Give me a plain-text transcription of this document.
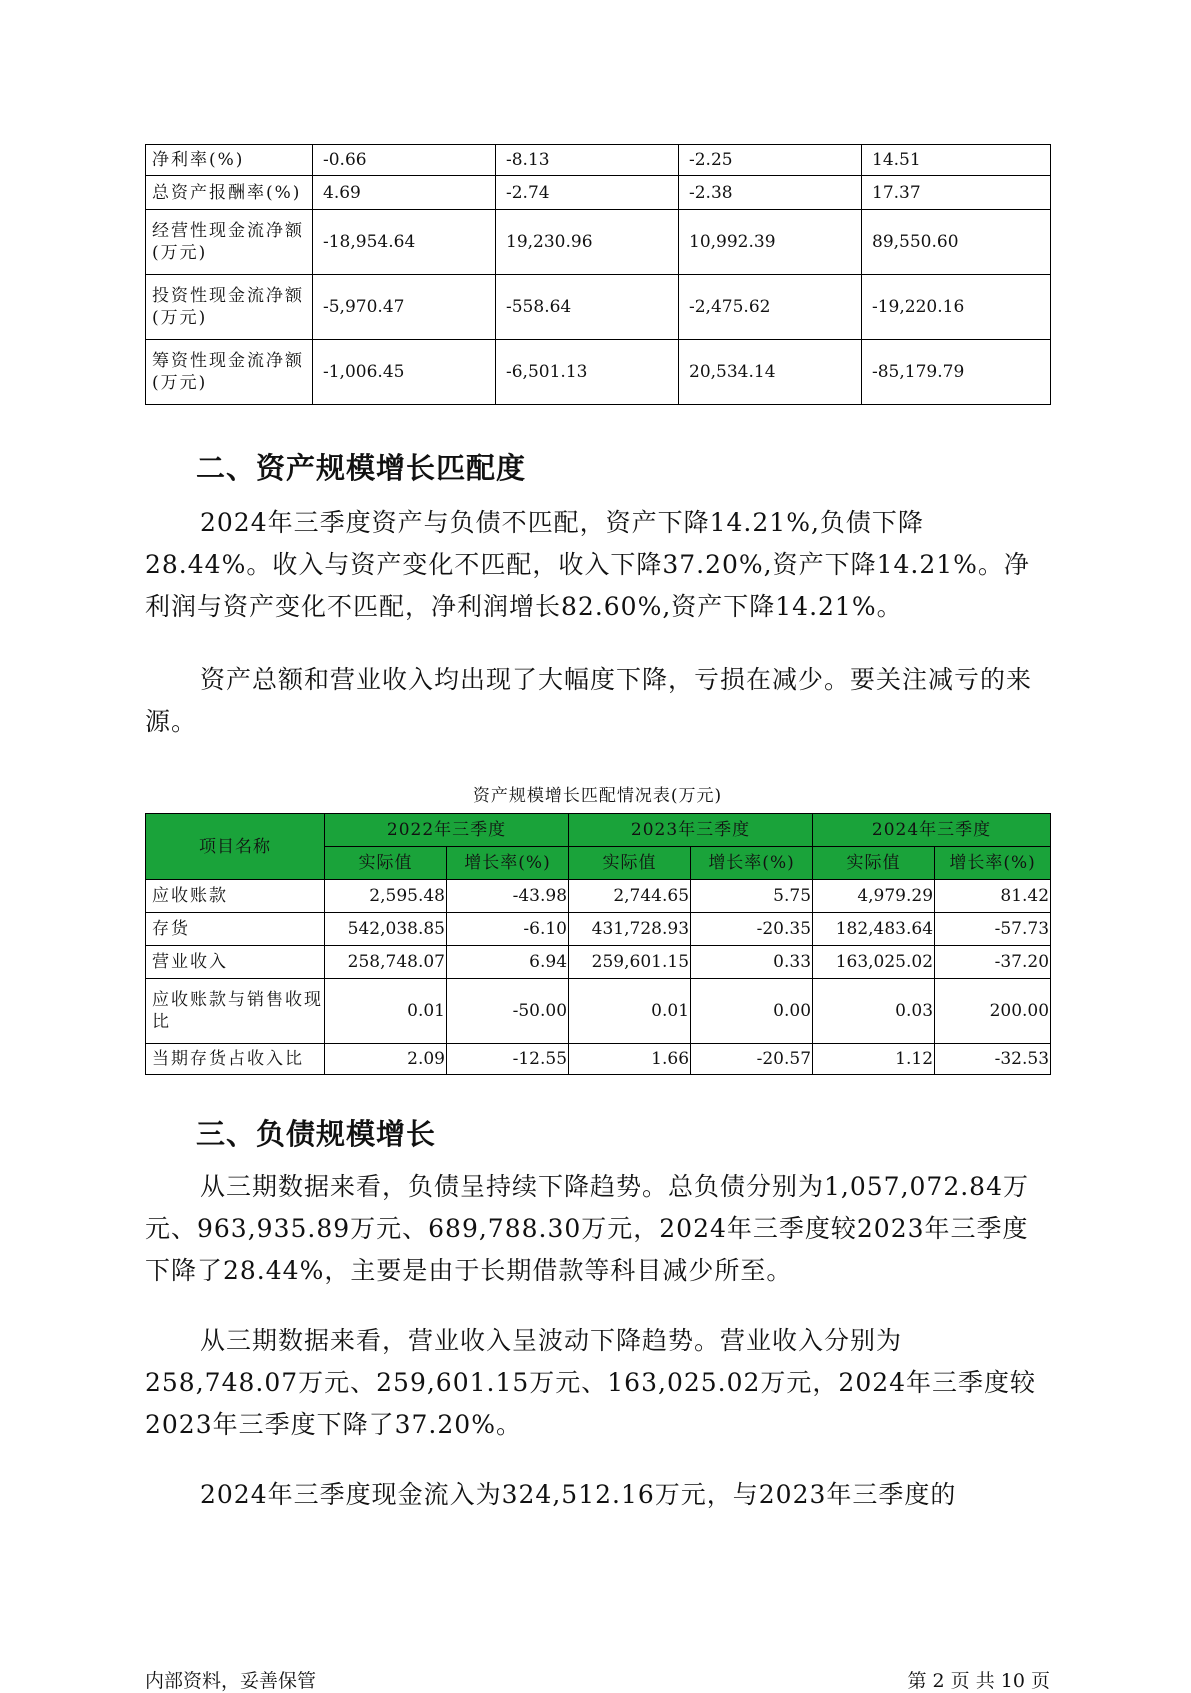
净利率(%)	-0.66	-8.13	-2.25	14.51
总资产报酬率(%)	4.69	-2.74	-2.38	17.37
经营性现金流净额(万元)	-18,954.64	19,230.96	10,992.39	89,550.60
投资性现金流净额(万元)	-5,970.47	-558.64	-2,475.62	-19,220.16
筹资性现金流净额(万元)	-1,006.45	-6,501.13	20,534.14	-85,179.79
二、资产规模增长匹配度

2024年三季度资产与负债不匹配，资产下降14.21%,负债下降28.44%。收入与资产变化不匹配，收入下降37.20%,资产下降14.21%。净利润与资产变化不匹配，净利润增长82.60%,资产下降14.21%。

资产总额和营业收入均出现了大幅度下降，亏损在减少。要关注减亏的来源。

资产规模增长匹配情况表(万元)

项目名称	2022年三季度		2023年三季度		2024年三季度	
	实际值	增长率(%)	实际值	增长率(%)	实际值	增长率(%)
应收账款	2,595.48	-43.98	2,744.65	5.75	4,979.29	81.42
存货	542,038.85	-6.10	431,728.93	-20.35	182,483.64	-57.73
营业收入	258,748.07	6.94	259,601.15	0.33	163,025.02	-37.20
应收账款与销售收现比	0.01	-50.00	0.01	0.00	0.03	200.00
当期存货占收入比	2.09	-12.55	1.66	-20.57	1.12	-32.53
三、负债规模增长

从三期数据来看，负债呈持续下降趋势。总负债分别为1,057,072.84万元、963,935.89万元、689,788.30万元，2024年三季度较2023年三季度下降了28.44%，主要是由于长期借款等科目减少所至。

从三期数据来看，营业收入呈波动下降趋势。营业收入分别为258,748.07万元、259,601.15万元、163,025.02万元，2024年三季度较2023年三季度下降了37.20%。

2024年三季度现金流入为324,512.16万元，与2023年三季度的

内部资料，妥善保管	第 2 页 共 10 页
